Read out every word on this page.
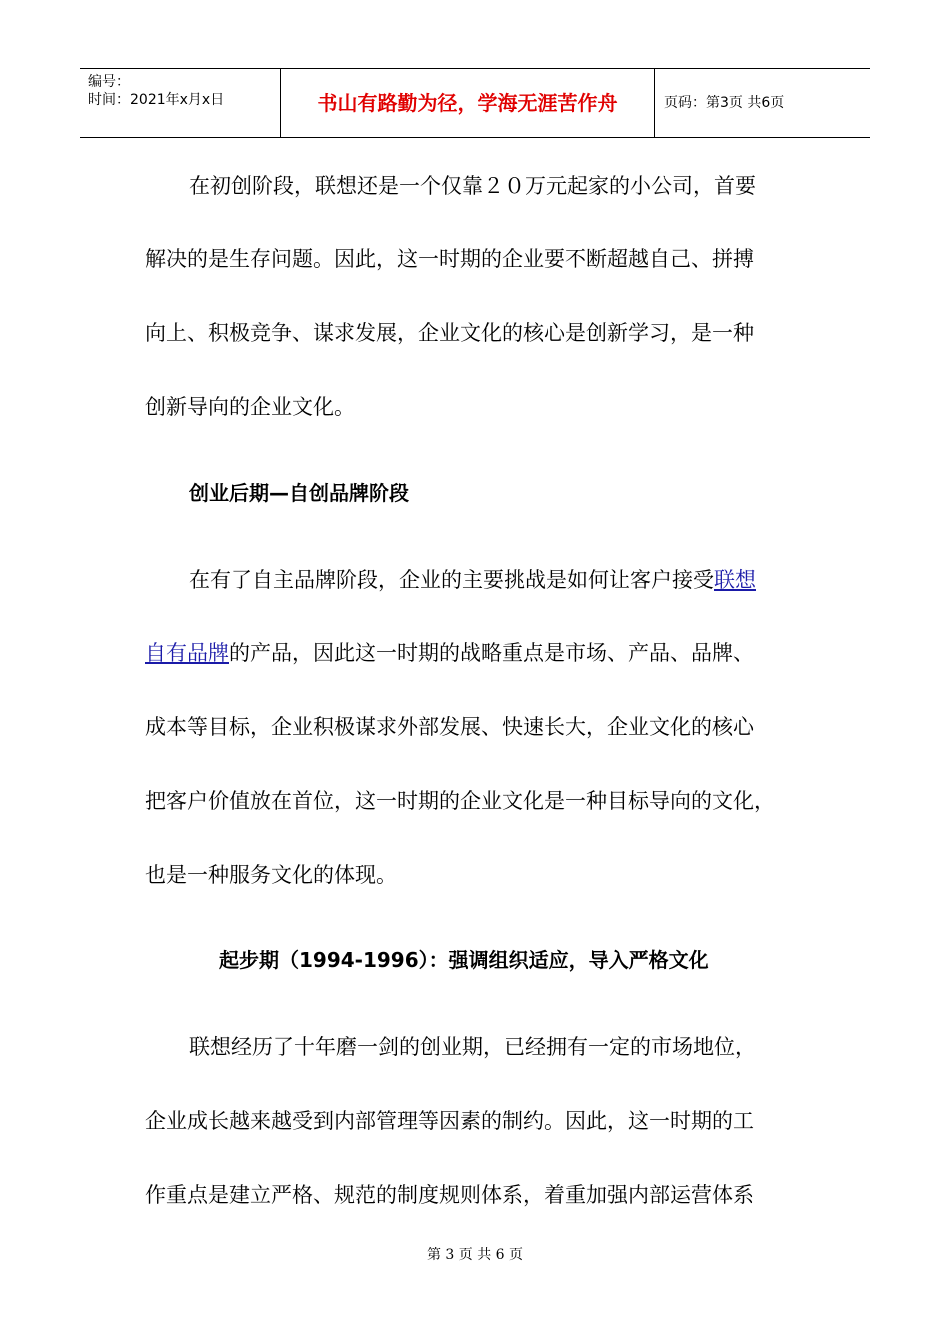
编号：
时间：2021年x月x日	书山有路勤为径，学海无涯苦作舟	页码：第3页 共6页
在初创阶段，联想还是一个仅靠２０万元起家的小公司，首要
解决的是生存问题。因此，这一时期的企业要不断超越自己、拼搏
向上、积极竞争、谋求发展，企业文化的核心是创新学习，是一种
创新导向的企业文化。
创业后期—自创品牌阶段
在有了自主品牌阶段，企业的主要挑战是如何让客户接受联想
自有品牌的产品，因此这一时期的战略重点是市场、产品、品牌、
成本等目标，企业积极谋求外部发展、快速长大，企业文化的核心
把客户价值放在首位，这一时期的企业文化是一种目标导向的文化，
也是一种服务文化的体现。
起步期（1994-1996）：强调组织适应，导入严格文化
联想经历了十年磨一剑的创业期，已经拥有一定的市场地位，
企业成长越来越受到内部管理等因素的制约。因此，这一时期的工
作重点是建立严格、规范的制度规则体系，着重加强内部运营体系
第 3 页 共 6 页
